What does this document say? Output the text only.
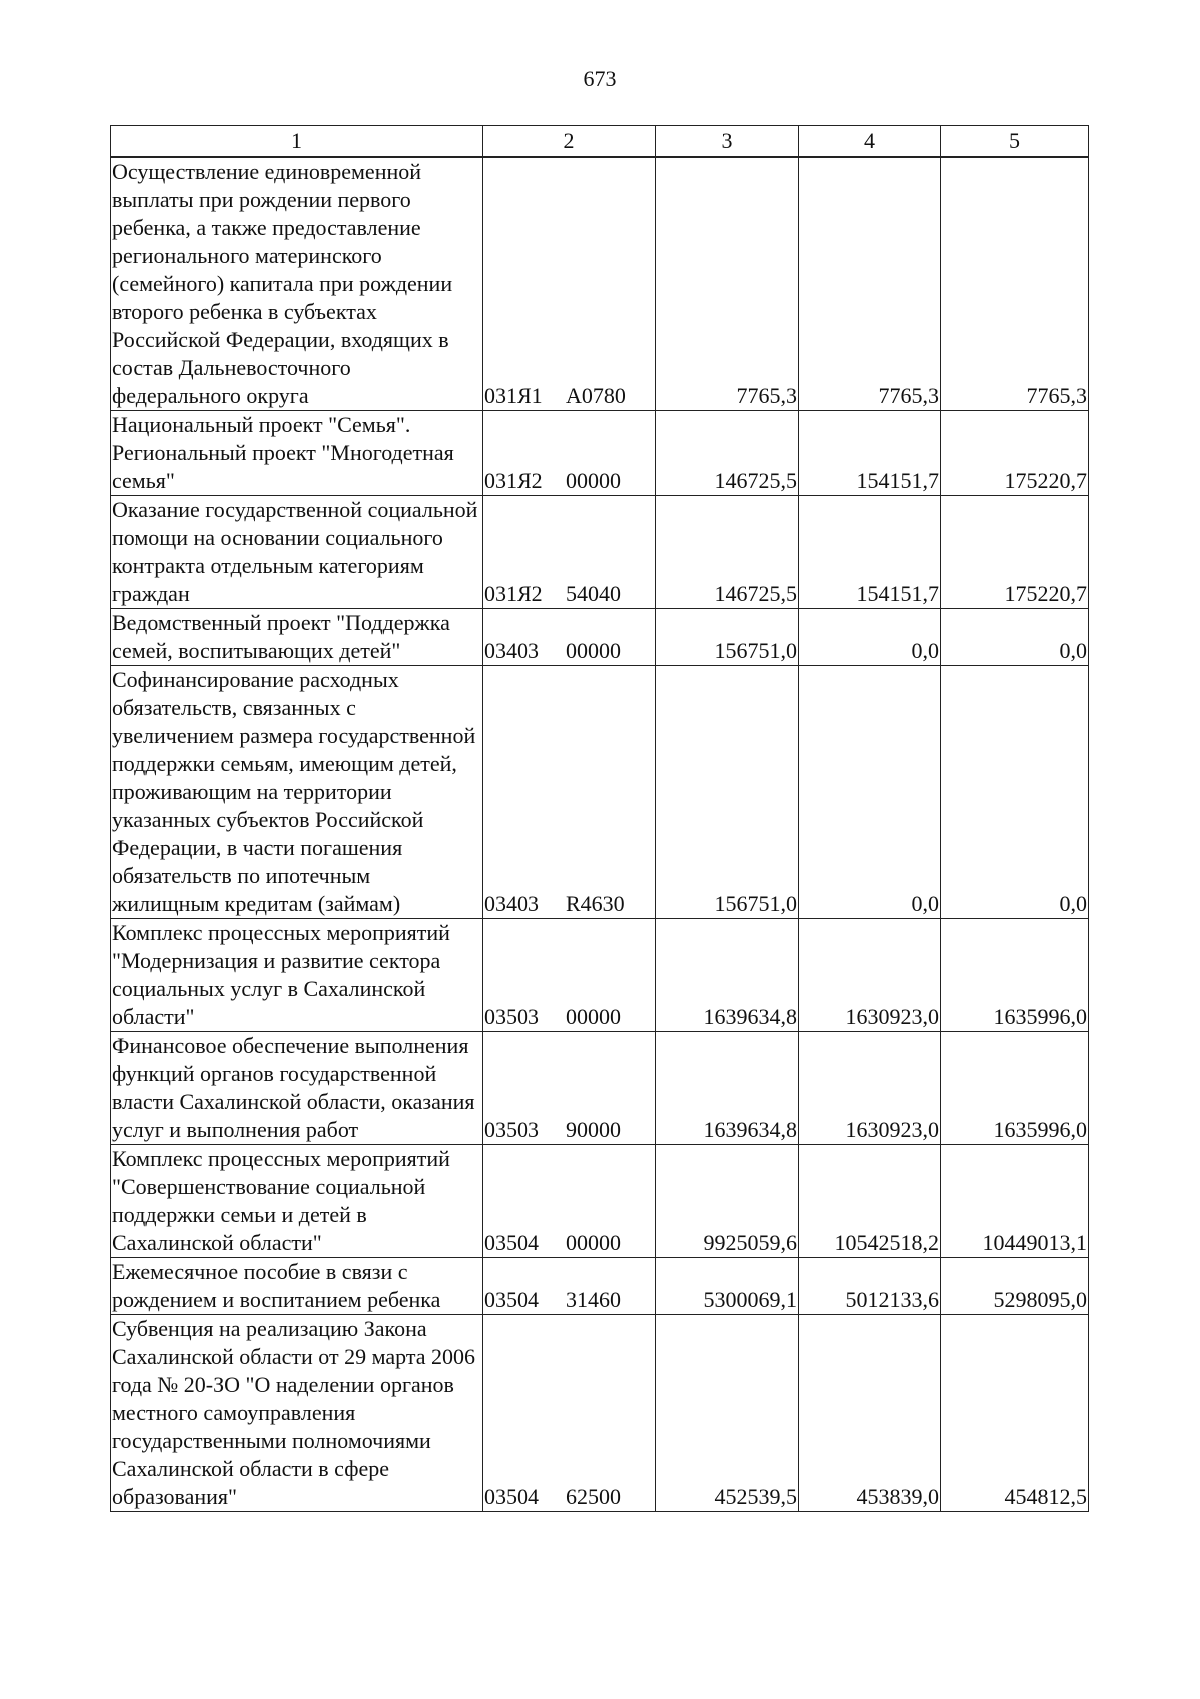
673
1	2	3	4	5
Осуществление единовременной выплаты при рождении первого ребенка, а также предоставление регионального материнского (семейного) капитала при рождении второго ребенка в субъектах Российской Федерации, входящих в состав Дальневосточного федерального округа	031Я1 А0780	7765,3	7765,3	7765,3
Национальный проект "Семья". Региональный проект "Многодетная семья"	031Я2 00000	146725,5	154151,7	175220,7
Оказание государственной социальной помощи на основании социального контракта отдельным категориям граждан	031Я2 54040	146725,5	154151,7	175220,7
Ведомственный проект "Поддержка семей, воспитывающих детей"	03403 00000	156751,0	0,0	0,0
Софинансирование расходных обязательств, связанных с увеличением размера государственной поддержки семьям, имеющим детей, проживающим на территории указанных субъектов Российской Федерации, в части погашения обязательств по ипотечным жилищным кредитам (займам)	03403 R4630	156751,0	0,0	0,0
Комплекс процессных мероприятий "Модернизация и развитие сектора социальных услуг в Сахалинской области"	03503 00000	1639634,8	1630923,0	1635996,0
Финансовое обеспечение выполнения функций органов государственной власти Сахалинской области, оказания услуг и выполнения работ	03503 90000	1639634,8	1630923,0	1635996,0
Комплекс процессных мероприятий "Совершенствование социальной поддержки семьи и детей в Сахалинской области"	03504 00000	9925059,6	10542518,2	10449013,1
Ежемесячное пособие в связи с рождением и воспитанием ребенка	03504 31460	5300069,1	5012133,6	5298095,0
Субвенция на реализацию Закона Сахалинской области от 29 марта 2006 года № 20-ЗО "О наделении органов местного самоуправления государственными полномочиями Сахалинской области в сфере образования"	03504 62500	452539,5	453839,0	454812,5
